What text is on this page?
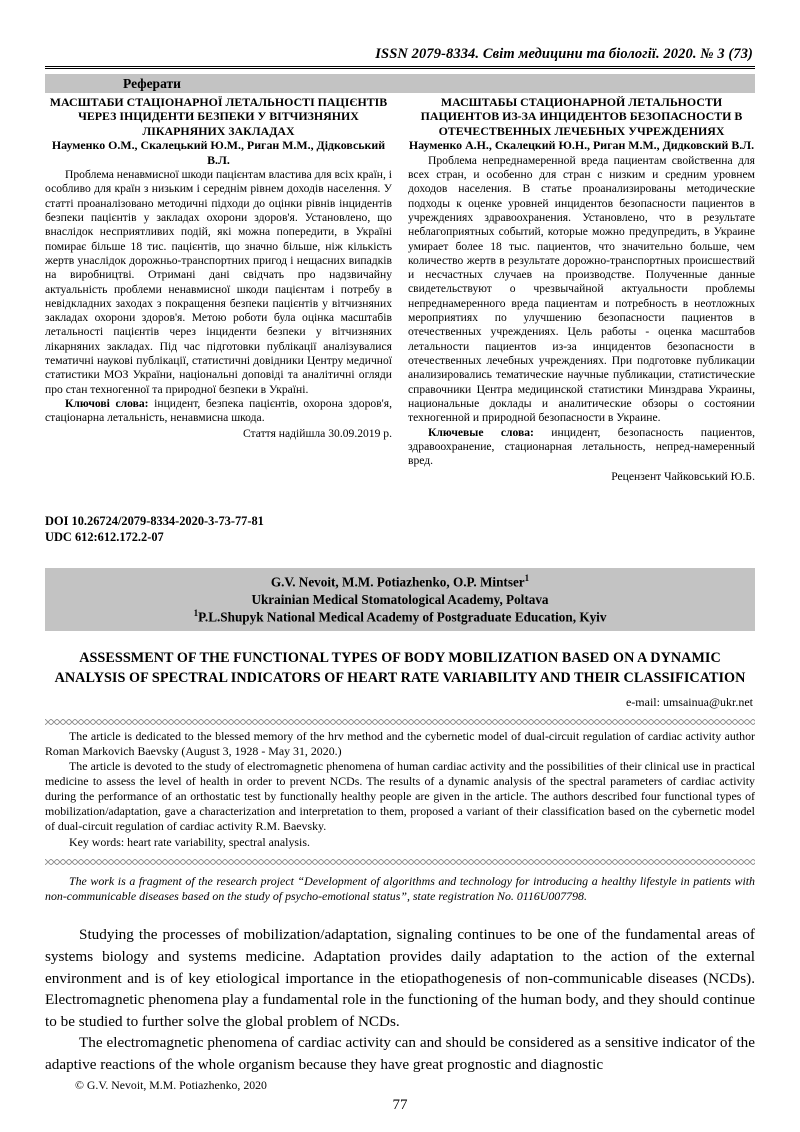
ISSN 2079-8334. Світ медицини та біології. 2020. № 3 (73)
Реферати
МАСШТАБИ СТАЦІОНАРНОЇ ЛЕТАЛЬНОСТІ ПАЦІЄНТІВ ЧЕРЕЗ ІНЦИДЕНТИ БЕЗПЕКИ У ВІТЧИЗНЯНИХ ЛІКАРНЯНИХ ЗАКЛАДАХ
Науменко О.М., Скалецький Ю.М., Риган М.М., Дідковський В.Л.

Проблема ненавмисної шкоди пацієнтам властива для всіх країн, і особливо для країн з низьким і середнім рівнем доходів населення. У статті проаналізовано методичні підходи до оцінки рівнів інцидентів безпеки пацієнтів у закладах охорони здоров'я. Установлено, що внаслідок несприятливих подій, які можна попередити, в Україні помирає більше 18 тис. пацієнтів, що значно більше, ніж кількість жертв унаслідок дорожньо-транспортних пригод і нещасних випадків на виробництві. Отримані дані свідчать про надзвичайну актуальність проблеми ненавмисної шкоди пацієнтам і потребу в невідкладних заходах з покращення безпеки пацієнтів у вітчизняних закладах охорони здоров'я. Метою роботи була оцінка масштабів летальності пацієнтів через інциденти безпеки у вітчизняних лікарняних закладах. Під час підготовки публікації аналізувалися тематичні наукові публікації, статистичні довідники Центру медичної статистики МОЗ України, національні доповіді та аналітичні огляди про стан техногенної та природної безпеки в Україні.

Ключові слова: інцидент, безпека пацієнтів, охорона здоров'я, стаціонарна летальність, ненавмисна шкода.

Стаття надійшла 30.09.2019 р.
МАСШТАБЫ СТАЦИОНАРНОЙ ЛЕТАЛЬНОСТИ ПАЦИЕНТОВ ИЗ-ЗА ИНЦИДЕНТОВ БЕЗОПАСНОСТИ В ОТЕЧЕСТВЕННЫХ ЛЕЧЕБНЫХ УЧРЕЖДЕНИЯХ
Науменко А.Н., Скалецкий Ю.Н., Риган М.М., Дидковский В.Л.

Проблема непреднамеренной вреда пациентам свойственна для всех стран, и особенно для стран с низким и средним уровнем доходов населения. В статье проанализированы методические подходы к оценке уровней инцидентов безопасности пациентов в учреждениях здравоохранения. Установлено, что в результате неблагоприятных событий, которые можно предупредить, в Украине умирает более 18 тыс. пациентов, что значительно больше, чем количество жертв в результате дорожно-транспортных происшествий и несчастных случаев на производстве. Полученные данные свидетельствуют о чрезвычайной актуальности проблемы непреднамеренного вреда пациентам и потребность в неотложных мероприятиях по улучшению безопасности пациентов в отечественных учреждениях. Цель работы - оценка масштабов летальности пациентов из-за инцидентов безопасности в отечественных лечебных учреждениях. При подготовке публикации анализировались тематические научные публикации, статистические справочники Центра медицинской статистики Минздрава Украины, национальные доклады и аналитические обзоры о состоянии техногенной и природной безопасности в Украине.

Ключевые слова: инцидент, безопасность пациентов, здравоохранение, стационарная летальность, непред-намеренный вред.

Рецензент Чайковський Ю.Б.
DOI 10.26724/2079-8334-2020-3-73-77-81
UDC 612:612.172.2-07
G.V. Nevoit, M.M. Potiazhenko, O.P. Mintser$^1$
Ukrainian Medical Stomatological Academy, Poltava
$^1$P.L.Shupyk National Medical Academy of Postgraduate Education, Kyiv
ASSESSMENT OF THE FUNCTIONAL TYPES OF BODY MOBILIZATION BASED ON A DYNAMIC ANALYSIS OF SPECTRAL INDICATORS OF HEART RATE VARIABILITY AND THEIR CLASSIFICATION
e-mail: umsainua@ukr.net

The article is dedicated to the blessed memory of the hrv method and the cybernetic model of dual-circuit regulation of cardiac activity author Roman Markovich Baevsky (August 3, 1928 - May 31, 2020.)

The article is devoted to the study of electromagnetic phenomena of human cardiac activity and the possibilities of their clinical use in practical medicine to assess the level of health in order to prevent NCDs. The results of a dynamic analysis of the spectral parameters of cardiac activity during the performance of an orthostatic test by functionally healthy people are given in the article. The authors described four functional types of mobilization/adaptation, gave a characterization and interpretation to them, proposed a variant of their classification based on the cybernetic model of dual-circuit regulation of cardiac activity R.M. Baevsky.

Key words: heart rate variability, spectral analysis.

The work is a fragment of the research project “Development of algorithms and technology for introducing a healthy lifestyle in patients with non-communicable diseases based on the study of psycho-emotional status”, state registration No. 0116U007798.

Studying the processes of mobilization/adaptation, signaling continues to be one of the fundamental areas of systems biology and systems medicine. Adaptation provides daily adaptation to the action of the external environment and is of key etiological importance in the etiopathogenesis of non-communicable diseases (NCDs). Electromagnetic phenomena play a fundamental role in the functioning of the human body, and they should continue to be studied to further solve the global problem of NCDs.

The electromagnetic phenomena of cardiac activity can and should be considered as a sensitive indicator of the adaptive reactions of the whole organism because they have great prognostic and diagnostic

© G.V. Nevoit, M.M. Potiazhenko, 2020
77
